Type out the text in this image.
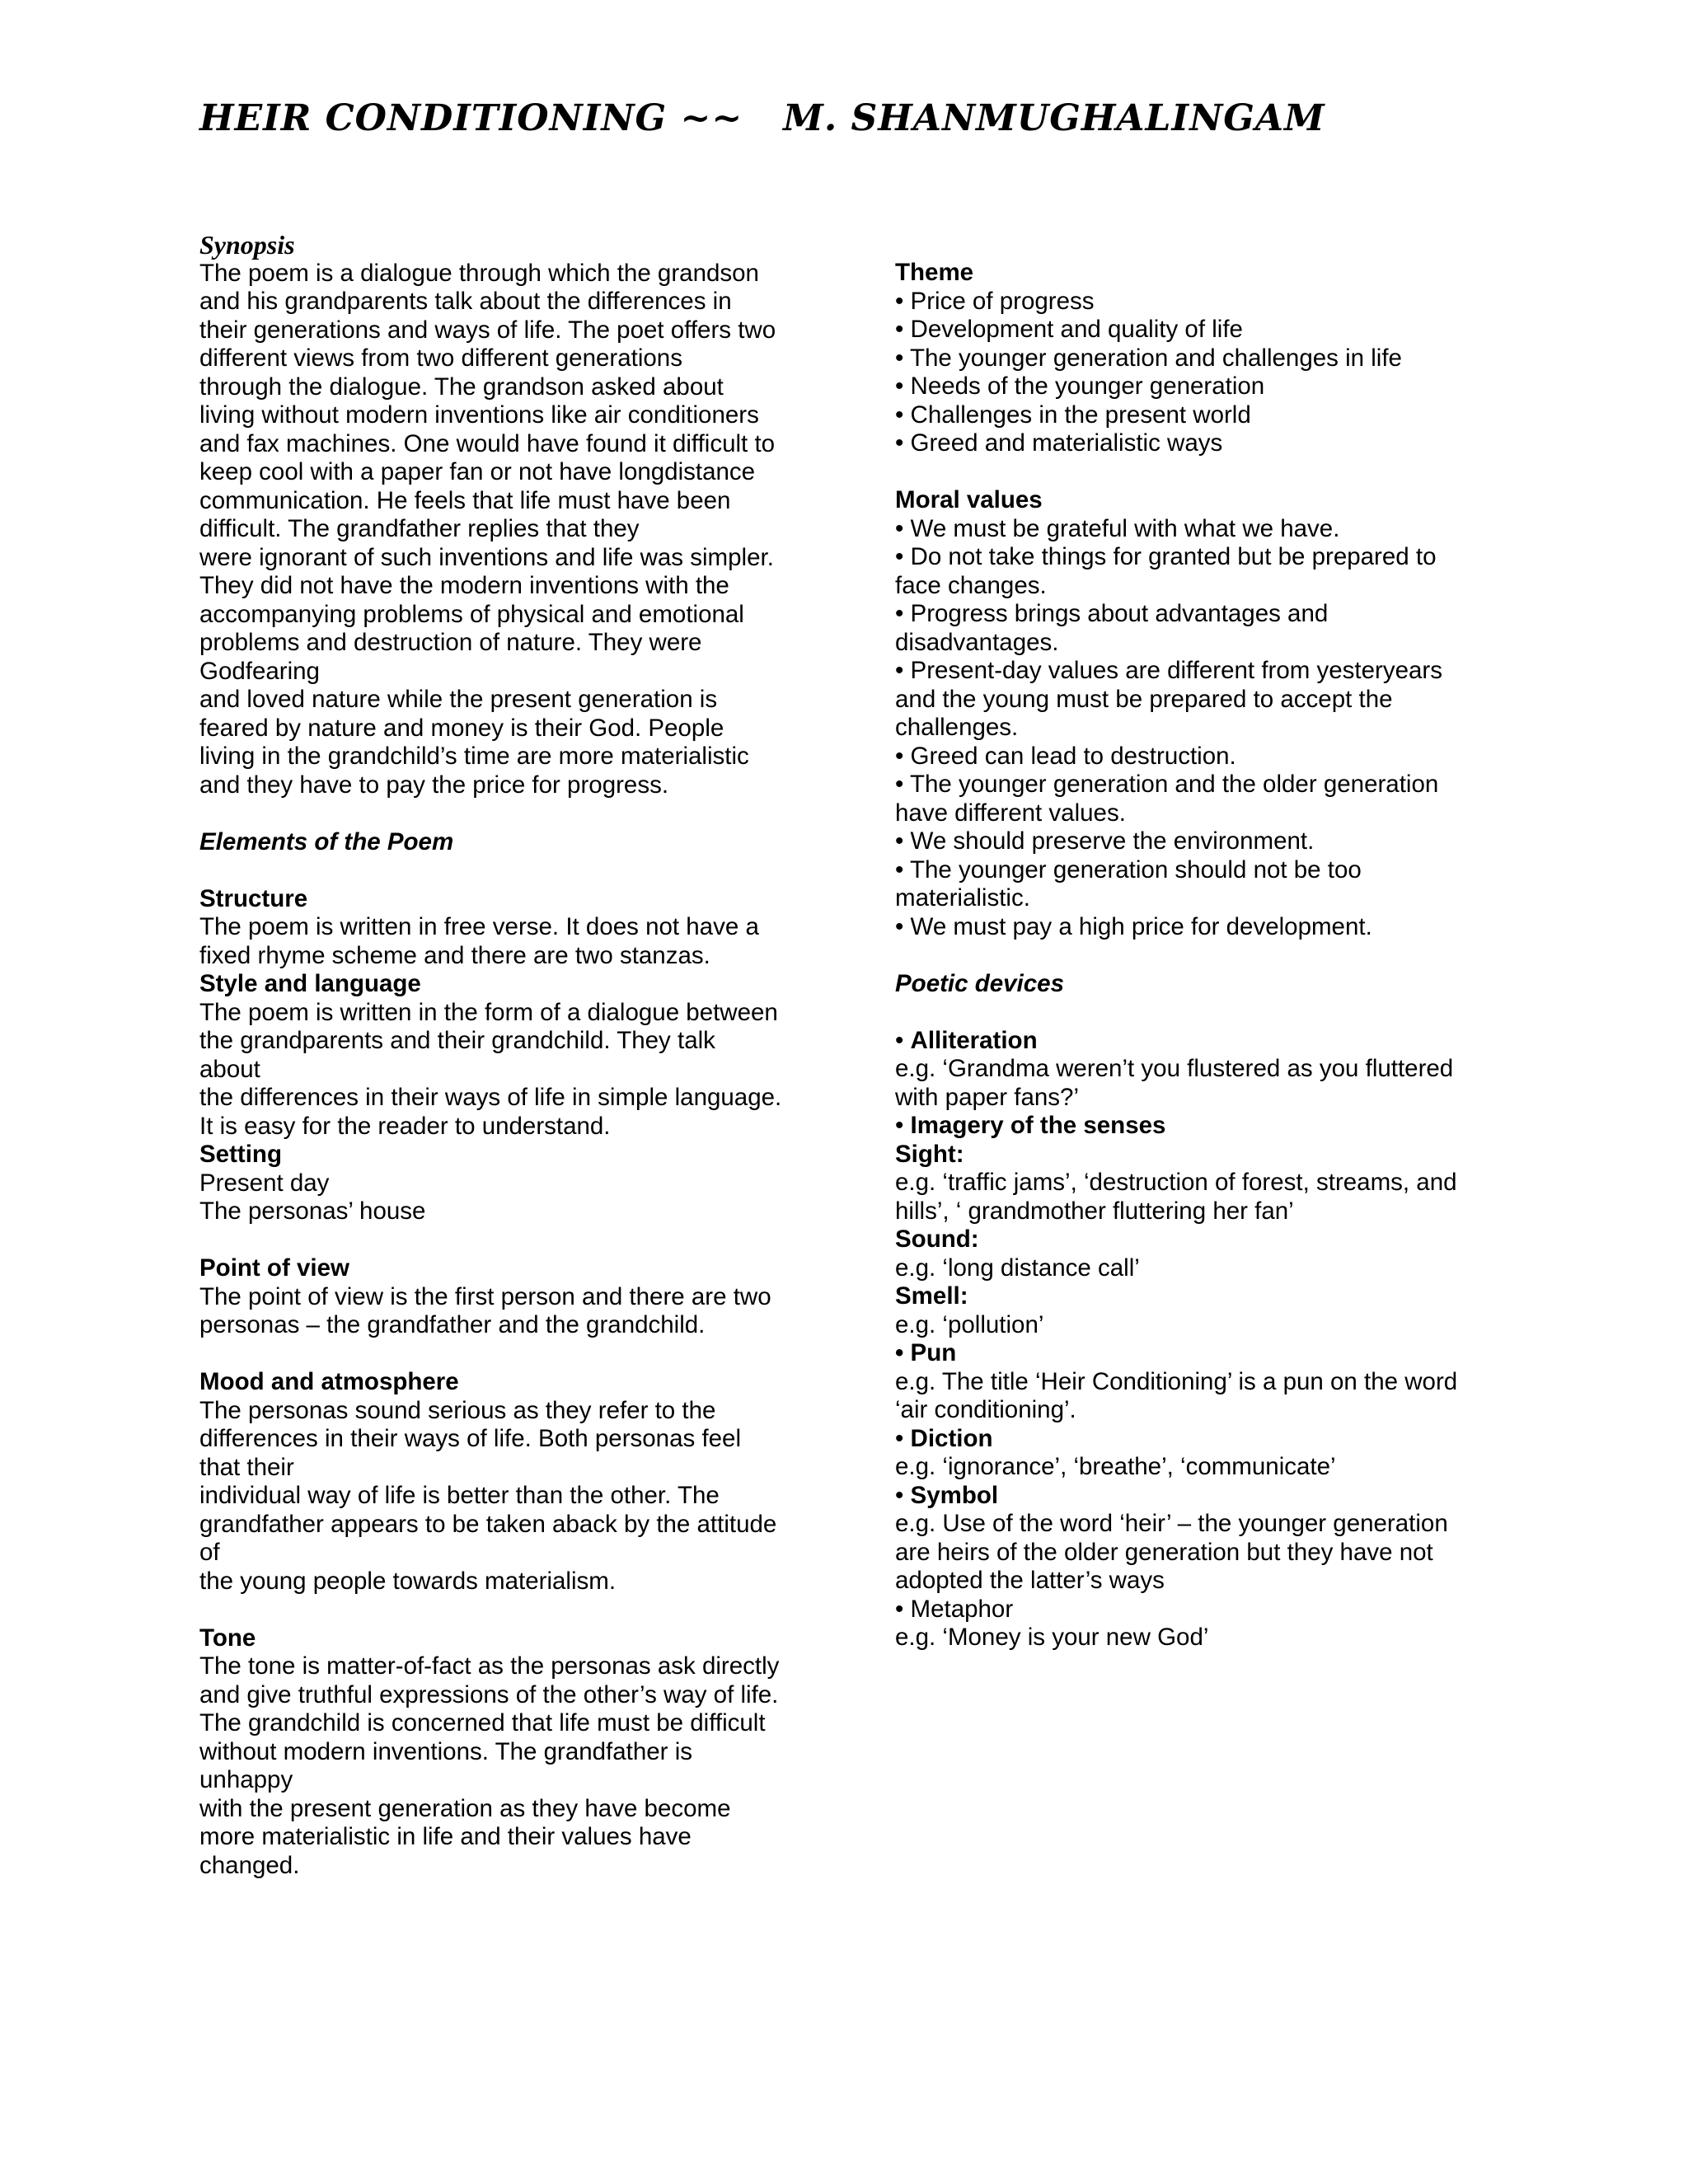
HEIR CONDITIONING ~~   M. SHANMUGHALINGAM
Synopsis
The poem is a dialogue through which the grandson
and his grandparents talk about the differences in
their generations and ways of life. The poet offers two
different views from two different generations
through the dialogue. The grandson asked about
living without modern inventions like air conditioners
and fax machines. One would have found it difficult to
keep cool with a paper fan or not have longdistance
communication. He feels that life must have been
difficult. The grandfather replies that they
were ignorant of such inventions and life was simpler.
They did not have the modern inventions with the
accompanying problems of physical and emotional
problems and destruction of nature. They were
Godfearing
and loved nature while the present generation is
feared by nature and money is their God. People
living in the grandchild’s time are more materialistic
and they have to pay the price for progress.
Elements of the Poem
Structure
The poem is written in free verse. It does not have a
fixed rhyme scheme and there are two stanzas.
Style and language
The poem is written in the form of a dialogue between
the grandparents and their grandchild. They talk
about
the differences in their ways of life in simple language.
It is easy for the reader to understand.
Setting
Present day
The personas’ house
Point of view
The point of view is the first person and there are two
personas – the grandfather and the grandchild.
Mood and atmosphere
The personas sound serious as they refer to the
differences in their ways of life. Both personas feel
that their
individual way of life is better than the other. The
grandfather appears to be taken aback by the attitude
of
the young people towards materialism.
Tone
The tone is matter-of-fact as the personas ask directly
and give truthful expressions of the other’s way of life.
The grandchild is concerned that life must be difficult
without modern inventions. The grandfather is
unhappy
with the present generation as they have become
more materialistic in life and their values have
changed.
Theme
• Price of progress
• Development and quality of life
• The younger generation and challenges in life
• Needs of the younger generation
• Challenges in the present world
• Greed and materialistic ways
Moral values
• We must be grateful with what we have.
• Do not take things for granted but be prepared to
face changes.
• Progress brings about advantages and
disadvantages.
• Present-day values are different from yesteryears
and the young must be prepared to accept the
challenges.
• Greed can lead to destruction.
• The younger generation and the older generation
have different values.
• We should preserve the environment.
• The younger generation should not be too
materialistic.
• We must pay a high price for development.
Poetic devices
• Alliteration
e.g. ‘Grandma weren’t you flustered as you fluttered
with paper fans?’
• Imagery of the senses
Sight:
e.g. ‘traffic jams’, ‘destruction of forest, streams, and
hills’, ‘ grandmother fluttering her fan’
Sound:
e.g. ‘long distance call’
Smell:
e.g. ‘pollution’
• Pun
e.g. The title ‘Heir Conditioning’ is a pun on the word
‘air conditioning’.
• Diction
e.g. ‘ignorance’, ‘breathe’, ‘communicate’
• Symbol
e.g. Use of the word ‘heir’ – the younger generation
are heirs of the older generation but they have not
adopted the latter’s ways
• Metaphor
e.g. ‘Money is your new God’
